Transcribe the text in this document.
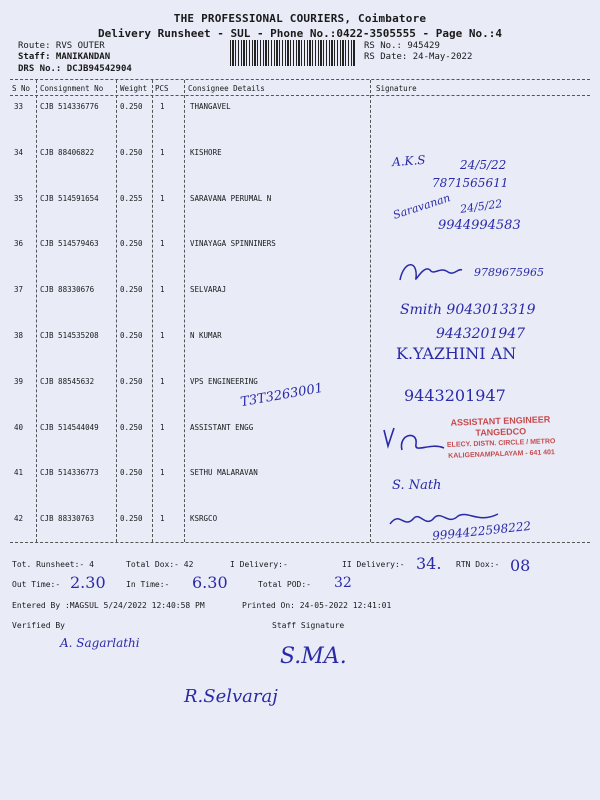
THE PROFESSIONAL COURIERS, Coimbatore
Delivery Runsheet - SUL - Phone No.:0422-3505555 - Page No.:4
Route: RVS OUTER
Staff: MANIKANDAN
DRS No.: DCJB94542904
RS No.: 945429
RS Date: 24-May-2022
S No Consignment No Weight PCS	Consignee Details	Signature
33 CJB 514336776	0.250 1	THANGAVEL
34 CJB 88406822	0.250 1	KISHORE
35 CJB 514591654	0.255 1	SARAVANA PERUMAL N
36 CJB 514579463	0.250 1	VINAYAGA SPINNINERS
37 CJB 88330676	0.250 1	SELVARAJ
38 CJB 514535208	0.250 1	N KUMAR
39 CJB 88545632	0.250 1	VPS ENGINEERING
40 CJB 514544049	0.250 1	ASSISTANT ENGG
41 CJB 514336773	0.250 1	SETHU MALARAVAN
42 CJB 88330763	0.250 1	KSRGCO
A.K.S	24/5/22
7871565611
Saravanan 24/5/22
9944994583
9789675965
Smith 9043013319
9443201947
K.YAZHINI AN
T3T3263001	9443201947
ASSISTANT ENGINEER
TANGEDCO
ELECY. DISTN. CIRCLE / METRO
KALIGENAMPALAYAM - 641 401
S. Nath
9994422598222
Tot. Runsheet:- 4	Total Dox:- 42	I Delivery:-	II Delivery:- 34. RTN Dox:- 08
Out Time:- 2.30	In Time:- 6.30	Total POD:- 32
Entered By :MAGSUL 5/24/2022 12:40:58 PM	Printed On: 24-05-2022 12:41:01
Verified By	Staff Signature
A. Sagarlathi
S.MA.
R.Selvaraj
